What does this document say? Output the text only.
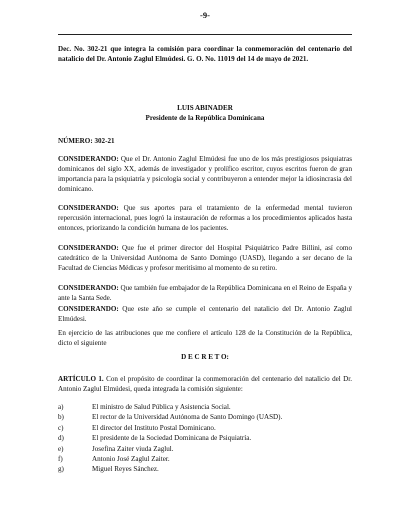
-9-
Dec. No. 302-21 que integra la comisión para coordinar la conmemoración del centenario del natalicio del Dr. Antonio Zaglul Elmúdesi. G. O. No. 11019 del 14 de mayo de 2021.
LUIS ABINADER
Presidente de la República Dominicana
NÚMERO: 302-21
CONSIDERANDO: Que el Dr. Antonio Zaglul Elmúdesi fue uno de los más prestigiosos psiquiatras dominicanos del siglo XX, además de investigador y prolífico escritor, cuyos escritos fueron de gran importancia para la psiquiatría y psicología social y contribuyeron a entender mejor la idiosincrasia del dominicano.
CONSIDERANDO: Que sus aportes para el tratamiento de la enfermedad mental tuvieron repercusión internacional, pues logró la instauración de reformas a los procedimientos aplicados hasta entonces, priorizando la condición humana de los pacientes.
CONSIDERANDO: Que fue el primer director del Hospital Psiquiátrico Padre Billini, así como catedrático de la Universidad Autónoma de Santo Domingo (UASD), llegando a ser decano de la Facultad de Ciencias Médicas y profesor meritísimo al momento de su retiro.
CONSIDERANDO: Que también fue embajador de la República Dominicana en el Reino de España y ante la Santa Sede.
CONSIDERANDO: Que este año se cumple el centenario del natalicio del Dr. Antonio Zaglul Elmúdesi.
En ejercicio de las atribuciones que me confiere el artículo 128 de la Constitución de la República, dicto el siguiente
D E C R E T O:
ARTÍCULO 1. Con el propósito de coordinar la conmemoración del centenario del natalicio del Dr. Antonio Zaglul Elmúdesi, queda integrada la comisión siguiente:
a)	El ministro de Salud Pública y Asistencia Social.
b)	El rector de la Universidad Autónoma de Santo Domingo (UASD).
c)	El director del Instituto Postal Dominicano.
d)	El presidente de la Sociedad Dominicana de Psiquiatría.
e)	Josefina Zaiter viuda Zaglul.
f)	Antonio José Zaglul Zaiter.
g)	Miguel Reyes Sánchez.
